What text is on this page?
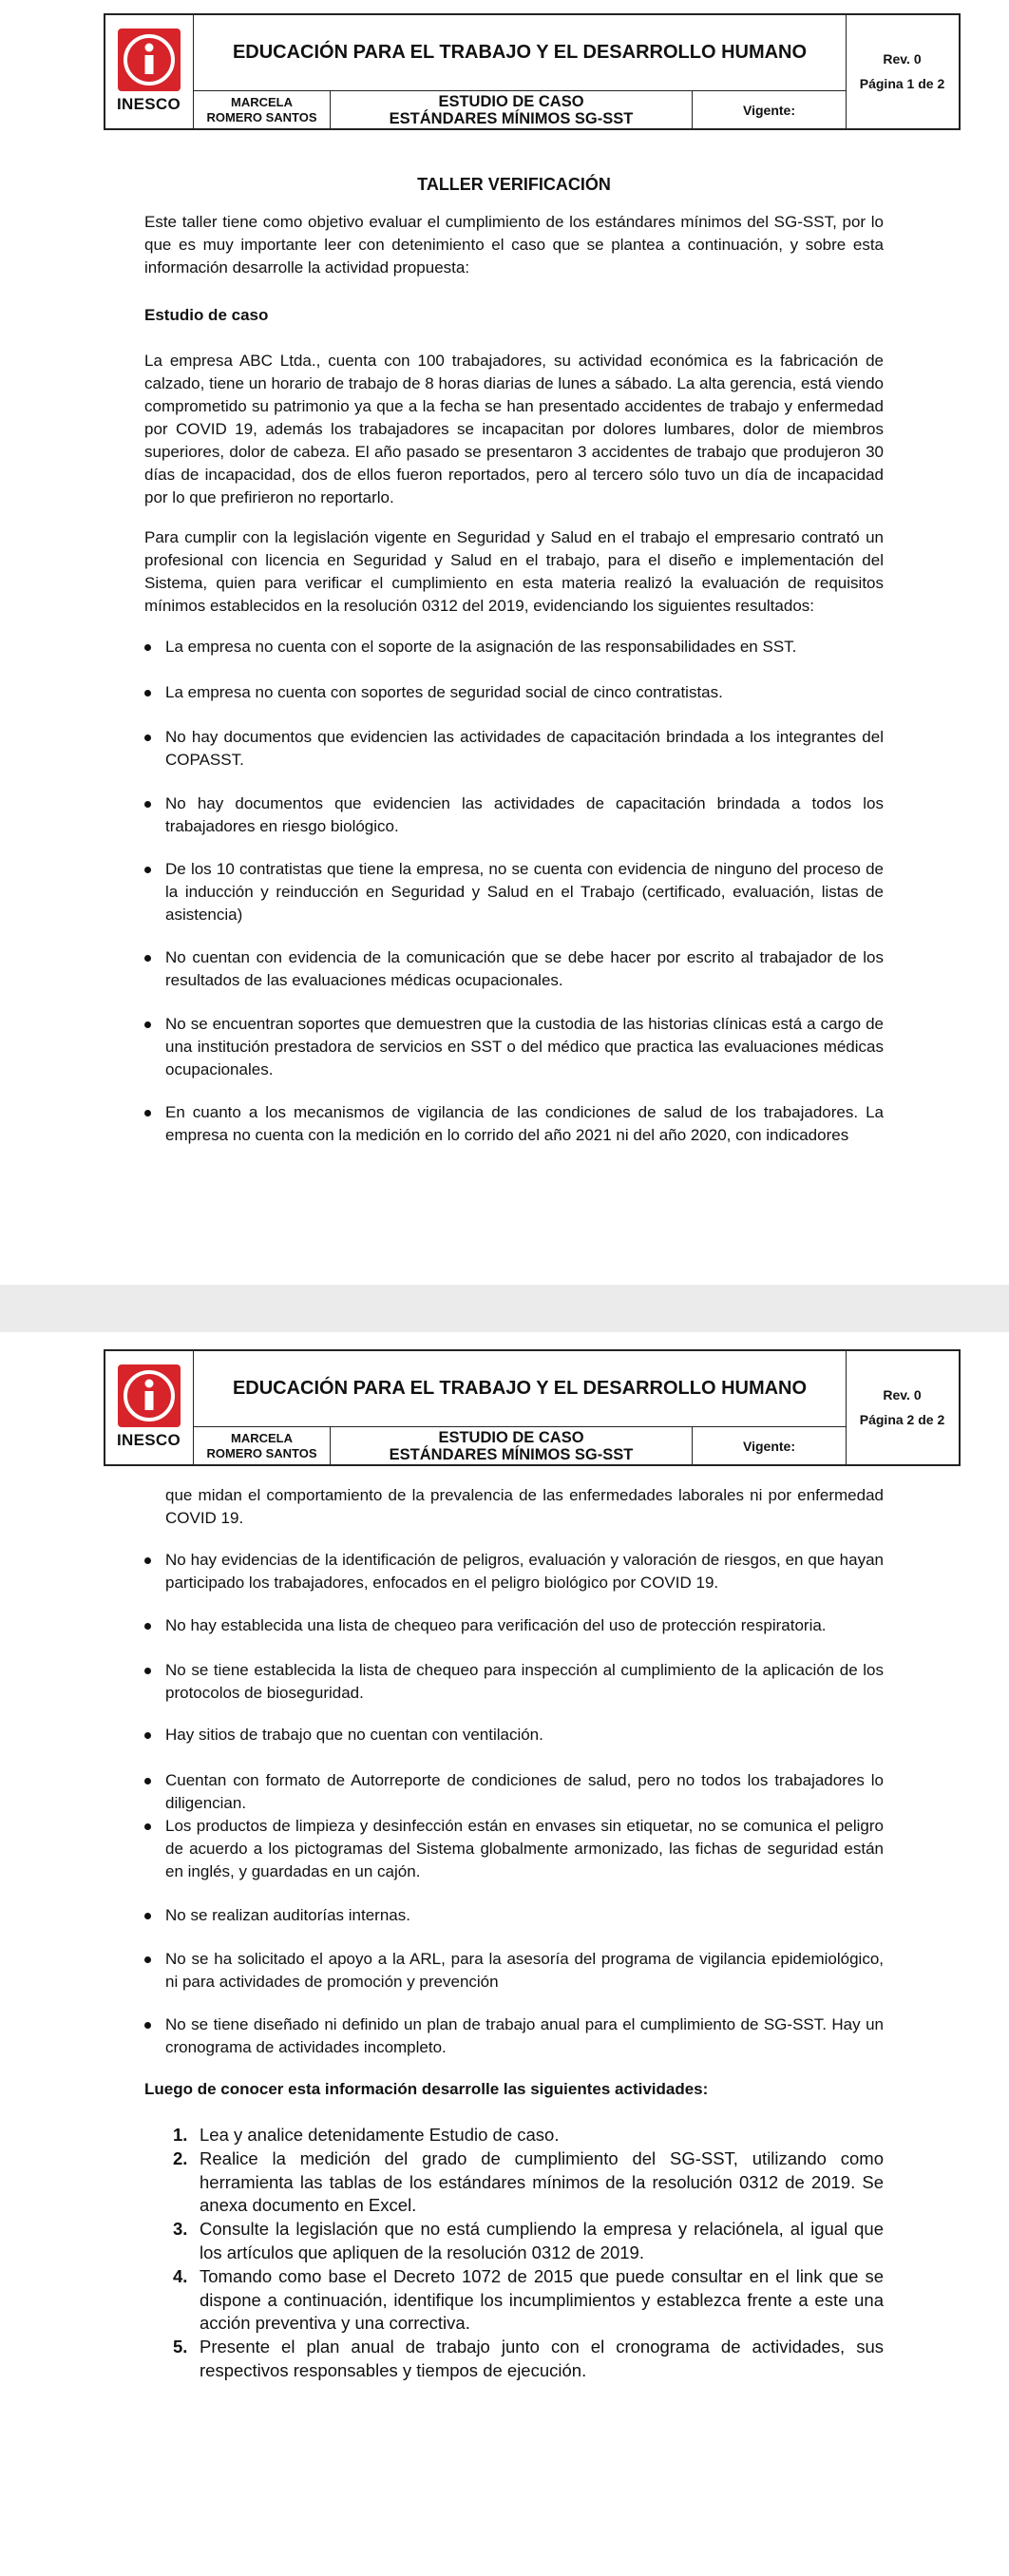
INESCO
EDUCACIÓN PARA EL TRABAJO Y EL DESARROLLO HUMANO
MARCELA
ROMERO SANTOS
ESTUDIO DE CASO
ESTÁNDARES MÍNIMOS SG-SST
Vigente:
Rev. 0
Página 1 de 2
TALLER VERIFICACIÓN

Este taller tiene como objetivo evaluar el cumplimiento de los estándares mínimos del SG-SST, por lo que es muy importante leer con detenimiento el caso que se plantea a continuación, y sobre esta información desarrolle la actividad propuesta:

Estudio de caso

La empresa ABC Ltda., cuenta con 100 trabajadores, su actividad económica es la fabricación de calzado, tiene un horario de trabajo de 8 horas diarias de lunes a sábado. La alta gerencia, está viendo comprometido su patrimonio ya que a la fecha se han presentado accidentes de trabajo y enfermedad por COVID 19, además los trabajadores se incapacitan por dolores lumbares, dolor de miembros superiores, dolor de cabeza. El año pasado se presentaron 3 accidentes de trabajo que produjeron 30 días de incapacidad, dos de ellos fueron reportados, pero al tercero sólo tuvo un día de incapacidad por lo que prefirieron no reportarlo.

Para cumplir con la legislación vigente en Seguridad y Salud en el trabajo el empresario contrató un profesional con licencia en Seguridad y Salud en el trabajo, para el diseño e implementación del Sistema, quien para verificar el cumplimiento en esta materia realizó la evaluación de requisitos mínimos establecidos en la resolución 0312 del 2019, evidenciando los siguientes resultados:

La empresa no cuenta con el soporte de la asignación de las responsabilidades en SST.
La empresa no cuenta con soportes de seguridad social de cinco contratistas.
No hay documentos que evidencien las actividades de capacitación brindada a los integrantes del COPASST.
No hay documentos que evidencien las actividades de capacitación brindada a todos los trabajadores en riesgo biológico.
De los 10 contratistas que tiene la empresa, no se cuenta con evidencia de ninguno del proceso de la inducción y reinducción en Seguridad y Salud en el Trabajo (certificado, evaluación, listas de asistencia)
No cuentan con evidencia de la comunicación que se debe hacer por escrito al trabajador de los resultados de las evaluaciones médicas ocupacionales.
No se encuentran soportes que demuestren que la custodia de las historias clínicas está a cargo de una institución prestadora de servicios en SST o del médico que practica las evaluaciones médicas ocupacionales.
En cuanto a los mecanismos de vigilancia de las condiciones de salud de los trabajadores. La empresa no cuenta con la medición en lo corrido del año 2021 ni del año 2020, con indicadores
INESCO
EDUCACIÓN PARA EL TRABAJO Y EL DESARROLLO HUMANO
MARCELA
ROMERO SANTOS
ESTUDIO DE CASO
ESTÁNDARES MÍNIMOS SG-SST
Vigente:
Rev. 0
Página 2 de 2

que midan el comportamiento de la prevalencia de las enfermedades laborales ni por enfermedad COVID 19.

No hay evidencias de la identificación de peligros, evaluación y valoración de riesgos, en que hayan participado los trabajadores, enfocados en el peligro biológico por COVID 19.
No hay establecida una lista de chequeo para verificación del uso de protección respiratoria.
No se tiene establecida la lista de chequeo para inspección al cumplimiento de la aplicación de los protocolos de bioseguridad.
Hay sitios de trabajo que no cuentan con ventilación.
Cuentan con formato de Autorreporte de condiciones de salud, pero no todos los trabajadores lo diligencian.
Los productos de limpieza y desinfección están en envases sin etiquetar, no se comunica el peligro de acuerdo a los pictogramas del Sistema globalmente armonizado, las fichas de seguridad están en inglés, y guardadas en un cajón.
No se realizan auditorías internas.
No se ha solicitado el apoyo a la ARL, para la asesoría del programa de vigilancia epidemiológico, ni para actividades de promoción y prevención
No se tiene diseñado ni definido un plan de trabajo anual para el cumplimiento de SG-SST. Hay un cronograma de actividades incompleto.

Luego de conocer esta información desarrolle las siguientes actividades:

1. Lea y analice detenidamente Estudio de caso.
2. Realice la medición del grado de cumplimiento del SG-SST, utilizando como herramienta las tablas de los estándares mínimos de la resolución 0312 de 2019. Se anexa documento en Excel.
3. Consulte la legislación que no está cumpliendo la empresa y relaciónela, al igual que los artículos que apliquen de la resolución 0312 de 2019.
4. Tomando como base el Decreto 1072 de 2015 que puede consultar en el link que se dispone a continuación, identifique los incumplimientos y establezca frente a este una acción preventiva y una correctiva.
5. Presente el plan anual de trabajo junto con el cronograma de actividades, sus respectivos responsables y tiempos de ejecución.
